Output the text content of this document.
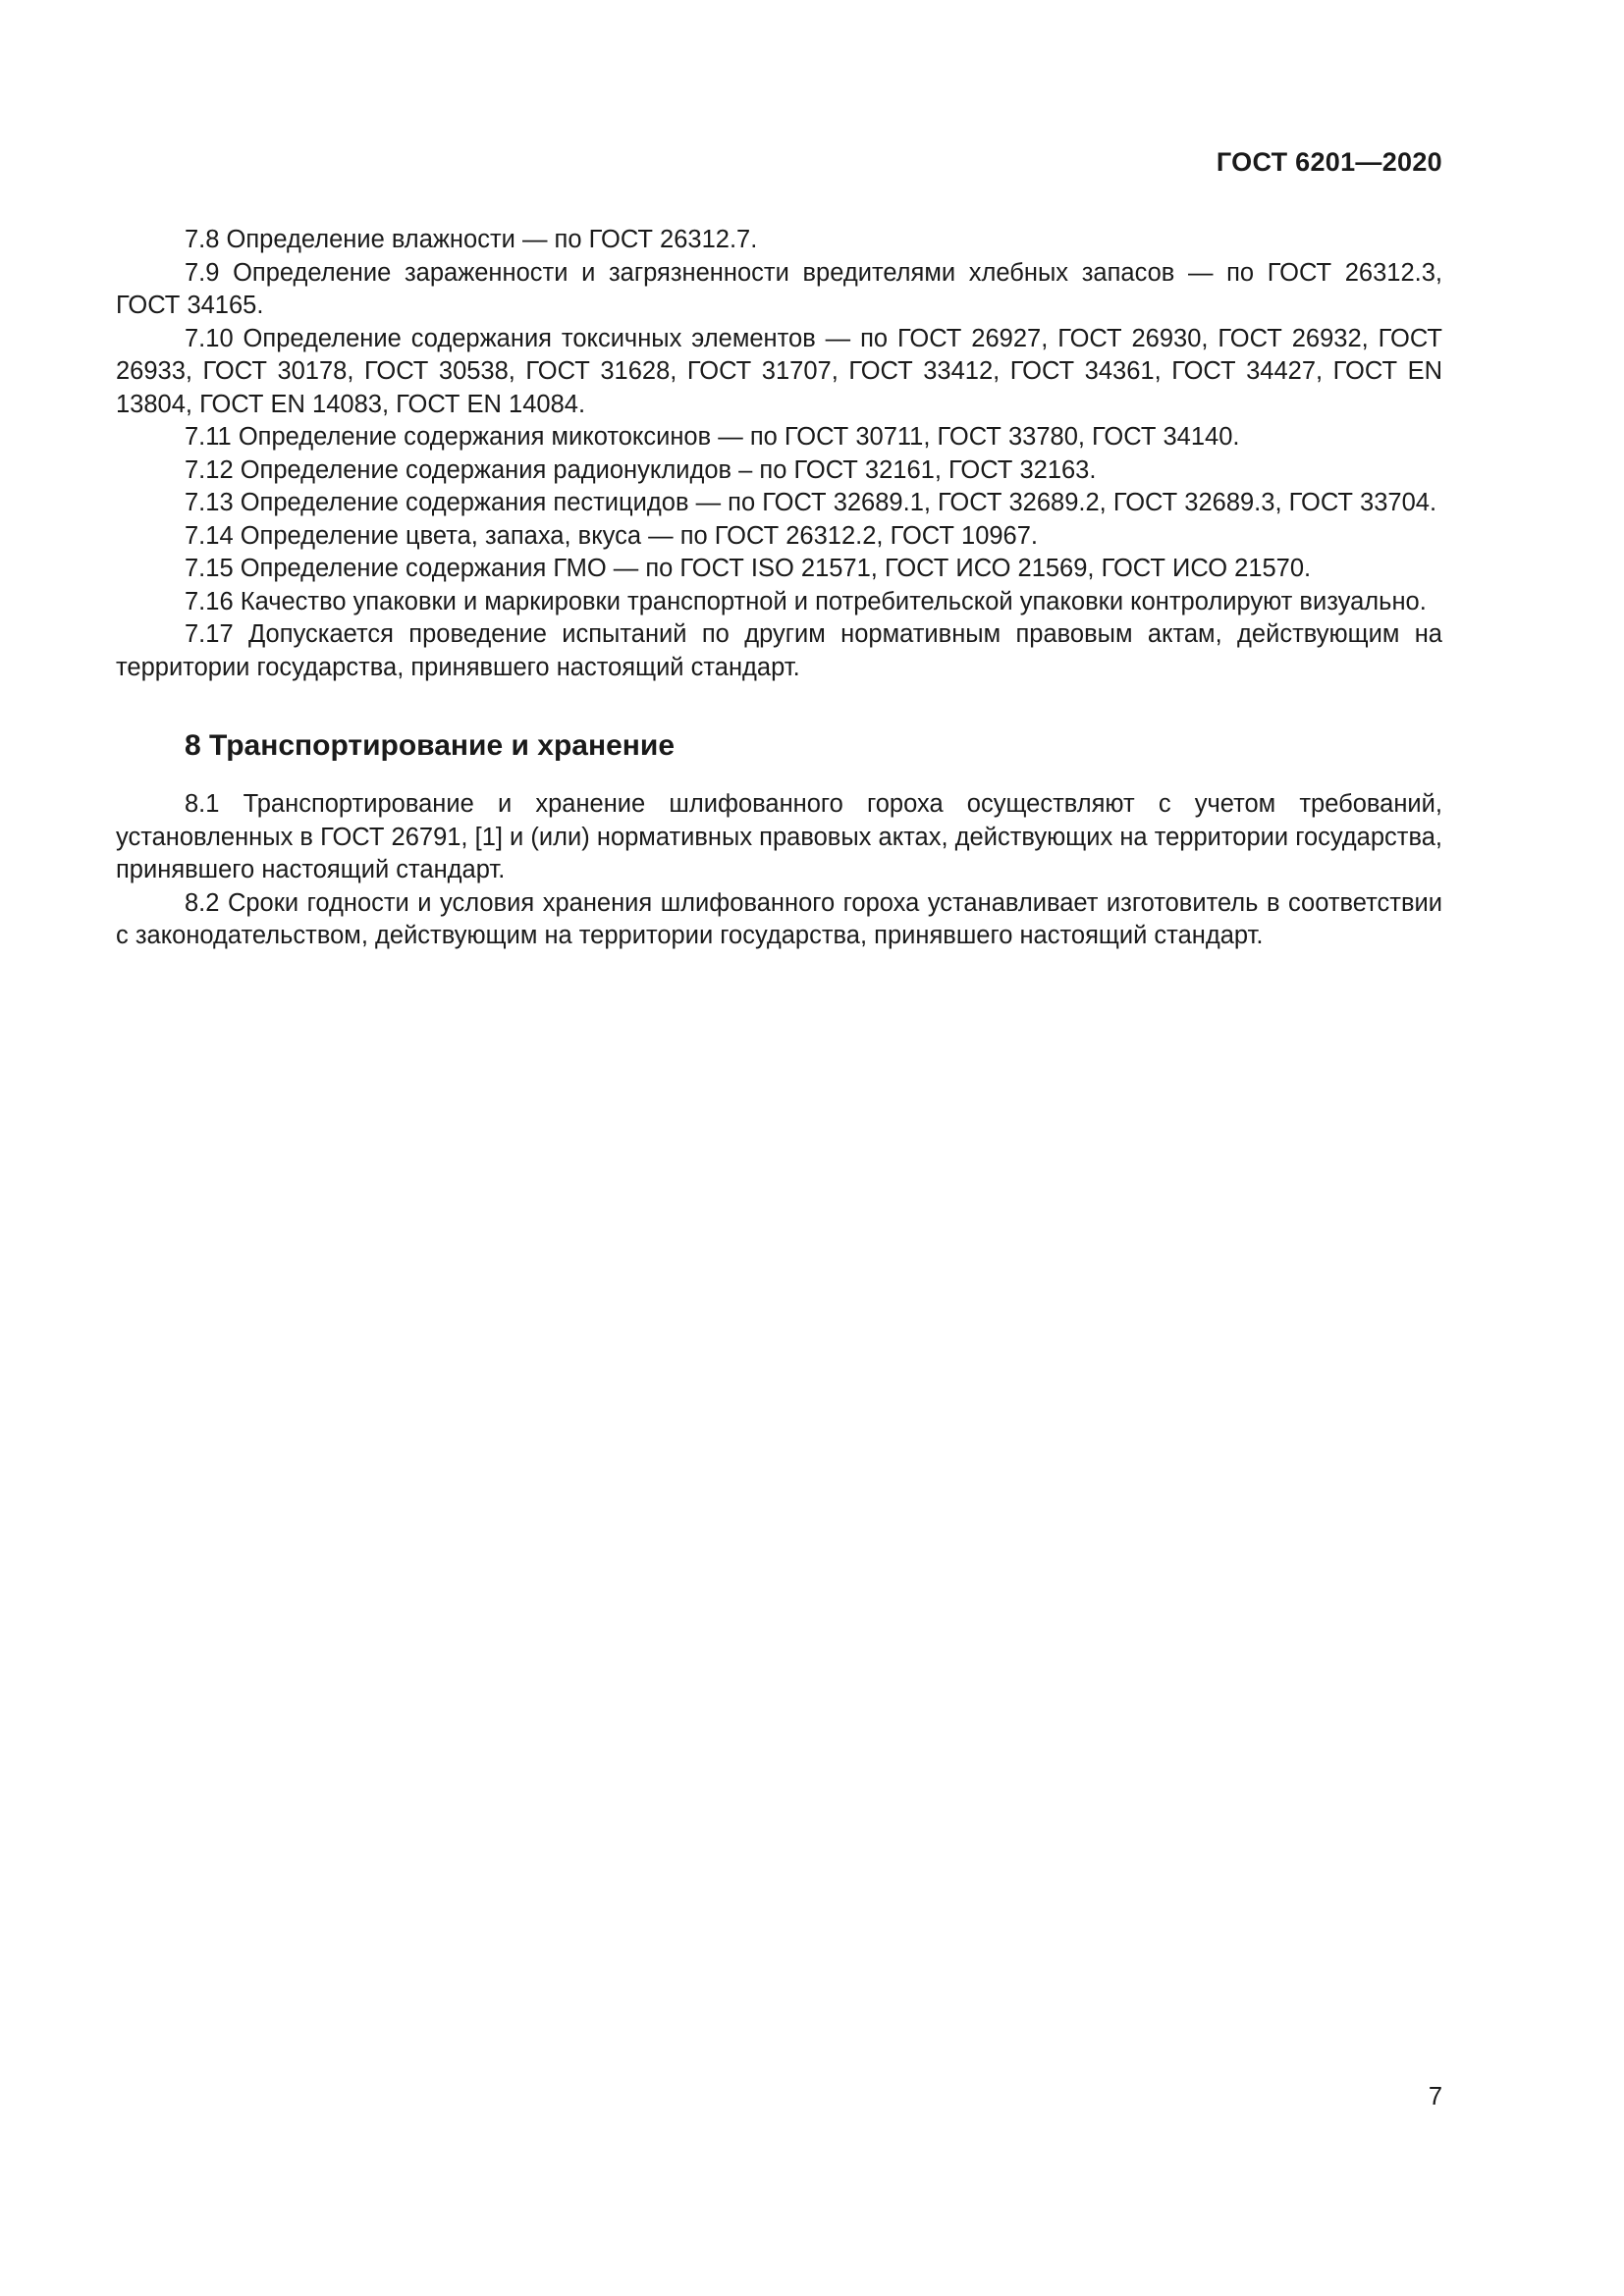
ГОСТ 6201—2020

7.8 Определение влажности — по ГОСТ 26312.7.

7.9 Определение зараженности и загрязненности вредителями хлебных запасов — по ГОСТ 26312.3, ГОСТ 34165.

7.10 Определение содержания токсичных элементов — по ГОСТ 26927, ГОСТ 26930, ГОСТ 26932, ГОСТ 26933, ГОСТ 30178, ГОСТ 30538, ГОСТ 31628, ГОСТ 31707, ГОСТ 33412, ГОСТ 34361, ГОСТ 34427, ГОСТ EN 13804, ГОСТ EN 14083, ГОСТ EN 14084.

7.11 Определение содержания микотоксинов — по ГОСТ 30711, ГОСТ 33780, ГОСТ 34140.

7.12 Определение содержания радионуклидов – по ГОСТ 32161, ГОСТ 32163.

7.13 Определение содержания пестицидов — по ГОСТ 32689.1, ГОСТ 32689.2, ГОСТ 32689.3, ГОСТ 33704.

7.14 Определение цвета, запаха, вкуса — по ГОСТ 26312.2, ГОСТ 10967.

7.15 Определение содержания ГМО — по ГОСТ ISO 21571, ГОСТ ИСО 21569, ГОСТ ИСО 21570.

7.16 Качество упаковки и маркировки транспортной и потребительской упаковки контролируют визуально.

7.17 Допускается проведение испытаний по другим нормативным правовым актам, действующим на территории государства, принявшего настоящий стандарт.

8 Транспортирование и хранение

8.1 Транспортирование и хранение шлифованного гороха осуществляют с учетом требований, установленных в ГОСТ 26791, [1] и (или) нормативных правовых актах, действующих на территории государства, принявшего настоящий стандарт.

8.2 Сроки годности и условия хранения шлифованного гороха устанавливает изготовитель в соответствии с законодательством, действующим на территории государства, принявшего настоящий стандарт.

7
